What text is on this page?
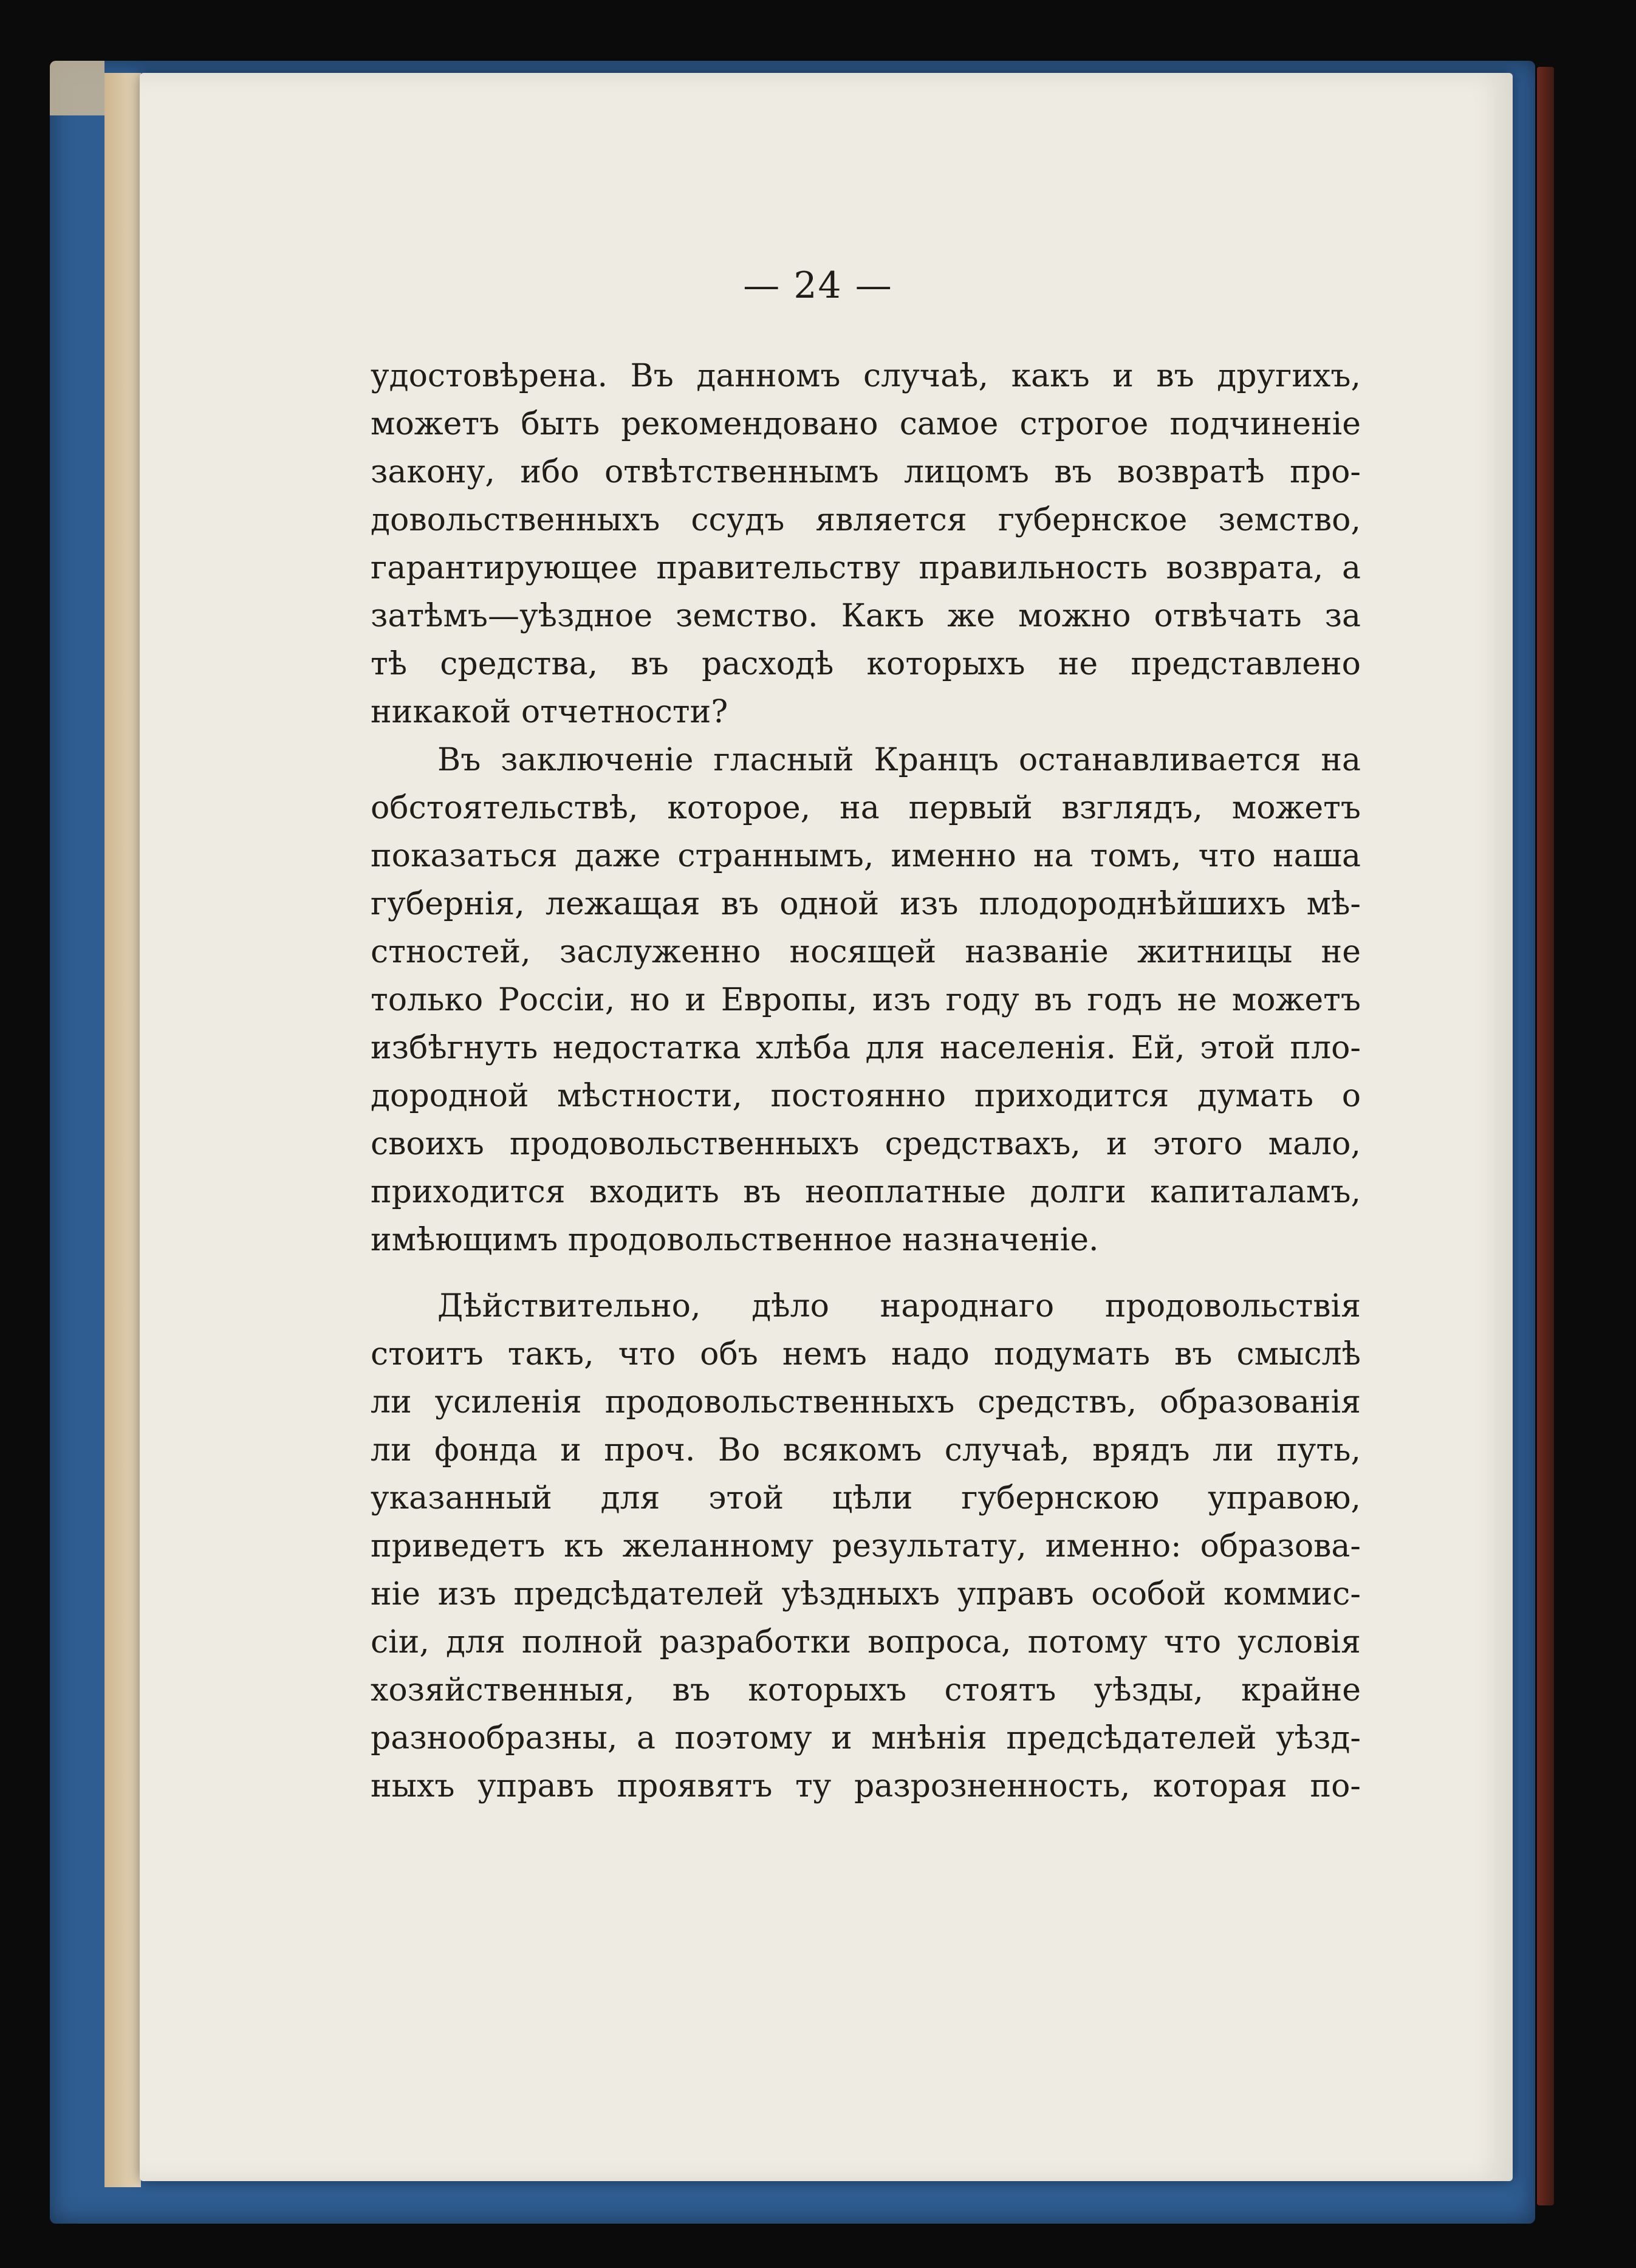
— 24 —
удостовѣрена. Въ данномъ случаѣ, какъ и въ другихъ,
можетъ быть рекомендовано самое строгое подчиненіе
закону, ибо отвѣтственнымъ лицомъ въ возвратѣ про-
довольственныхъ ссудъ является губернское земство,
гарантирующее правительству правильность возврата, а
затѣмъ—уѣздное земство. Какъ же можно отвѣчать за
тѣ средства, въ расходѣ которыхъ не представлено
никакой отчетности?
Въ заключеніе гласный Кранцъ останавливается на
обстоятельствѣ, которое, на первый взглядъ, можетъ
показаться даже страннымъ, именно на томъ, что наша
губернія, лежащая въ одной изъ плодороднѣйшихъ мѣ-
стностей, заслуженно носящей названіе житницы не
только Россіи, но и Европы, изъ году въ годъ не можетъ
избѣгнуть недостатка хлѣба для населенія. Ей, этой пло-
дородной мѣстности, постоянно приходится думать о
своихъ продовольственныхъ средствахъ, и этого мало,
приходится входить въ неоплатные долги капиталамъ,
имѣющимъ продовольственное назначеніе.
Дѣйствительно, дѣло народнаго продовольствія
стоитъ такъ, что объ немъ надо подумать въ смыслѣ
ли усиленія продовольственныхъ средствъ, образованія
ли фонда и проч. Во всякомъ случаѣ, врядъ ли путь,
указанный для этой цѣли губернскою управою,
приведетъ къ желанному результату, именно: образова-
ніе изъ предсѣдателей уѣздныхъ управъ особой коммис-
сіи, для полной разработки вопроса, потому что условія
хозяйственныя, въ которыхъ стоятъ уѣзды, крайне
разнообразны, а поэтому и мнѣнія предсѣдателей уѣзд-
ныхъ управъ проявятъ ту разрозненность, которая по-
